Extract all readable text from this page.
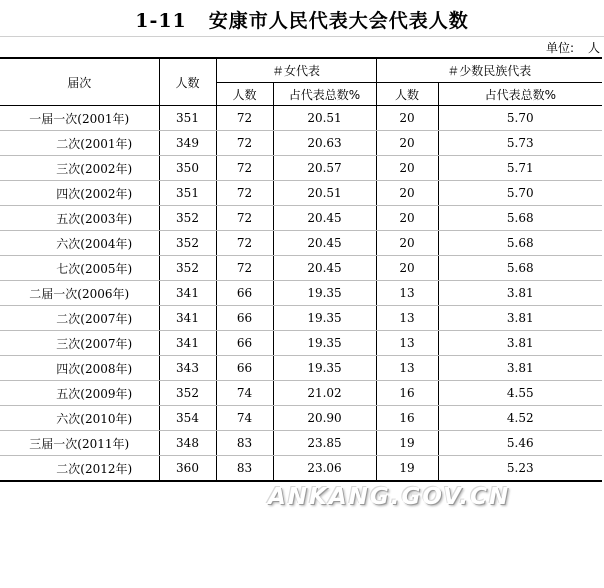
1-11 安康市人民代表大会代表人数
单位: 人
届次	人数	＃女代表		＃少数民族代表	
		人数	占代表总数%	人数	占代表总数%
一届一次(2001年)	351	72	20.51	20	5.70
二次(2001年)	349	72	20.63	20	5.73
三次(2002年)	350	72	20.57	20	5.71
四次(2002年)	351	72	20.51	20	5.70
五次(2003年)	352	72	20.45	20	5.68
六次(2004年)	352	72	20.45	20	5.68
七次(2005年)	352	72	20.45	20	5.68
二届一次(2006年)	341	66	19.35	13	3.81
二次(2007年)	341	66	19.35	13	3.81
三次(2007年)	341	66	19.35	13	3.81
四次(2008年)	343	66	19.35	13	3.81
五次(2009年)	352	74	21.02	16	4.55
六次(2010年)	354	74	20.90	16	4.52
三届一次(2011年)	348	83	23.85	19	5.46
二次(2012年)	360	83	23.06	19	5.23
ANKANG.GOV.CN
